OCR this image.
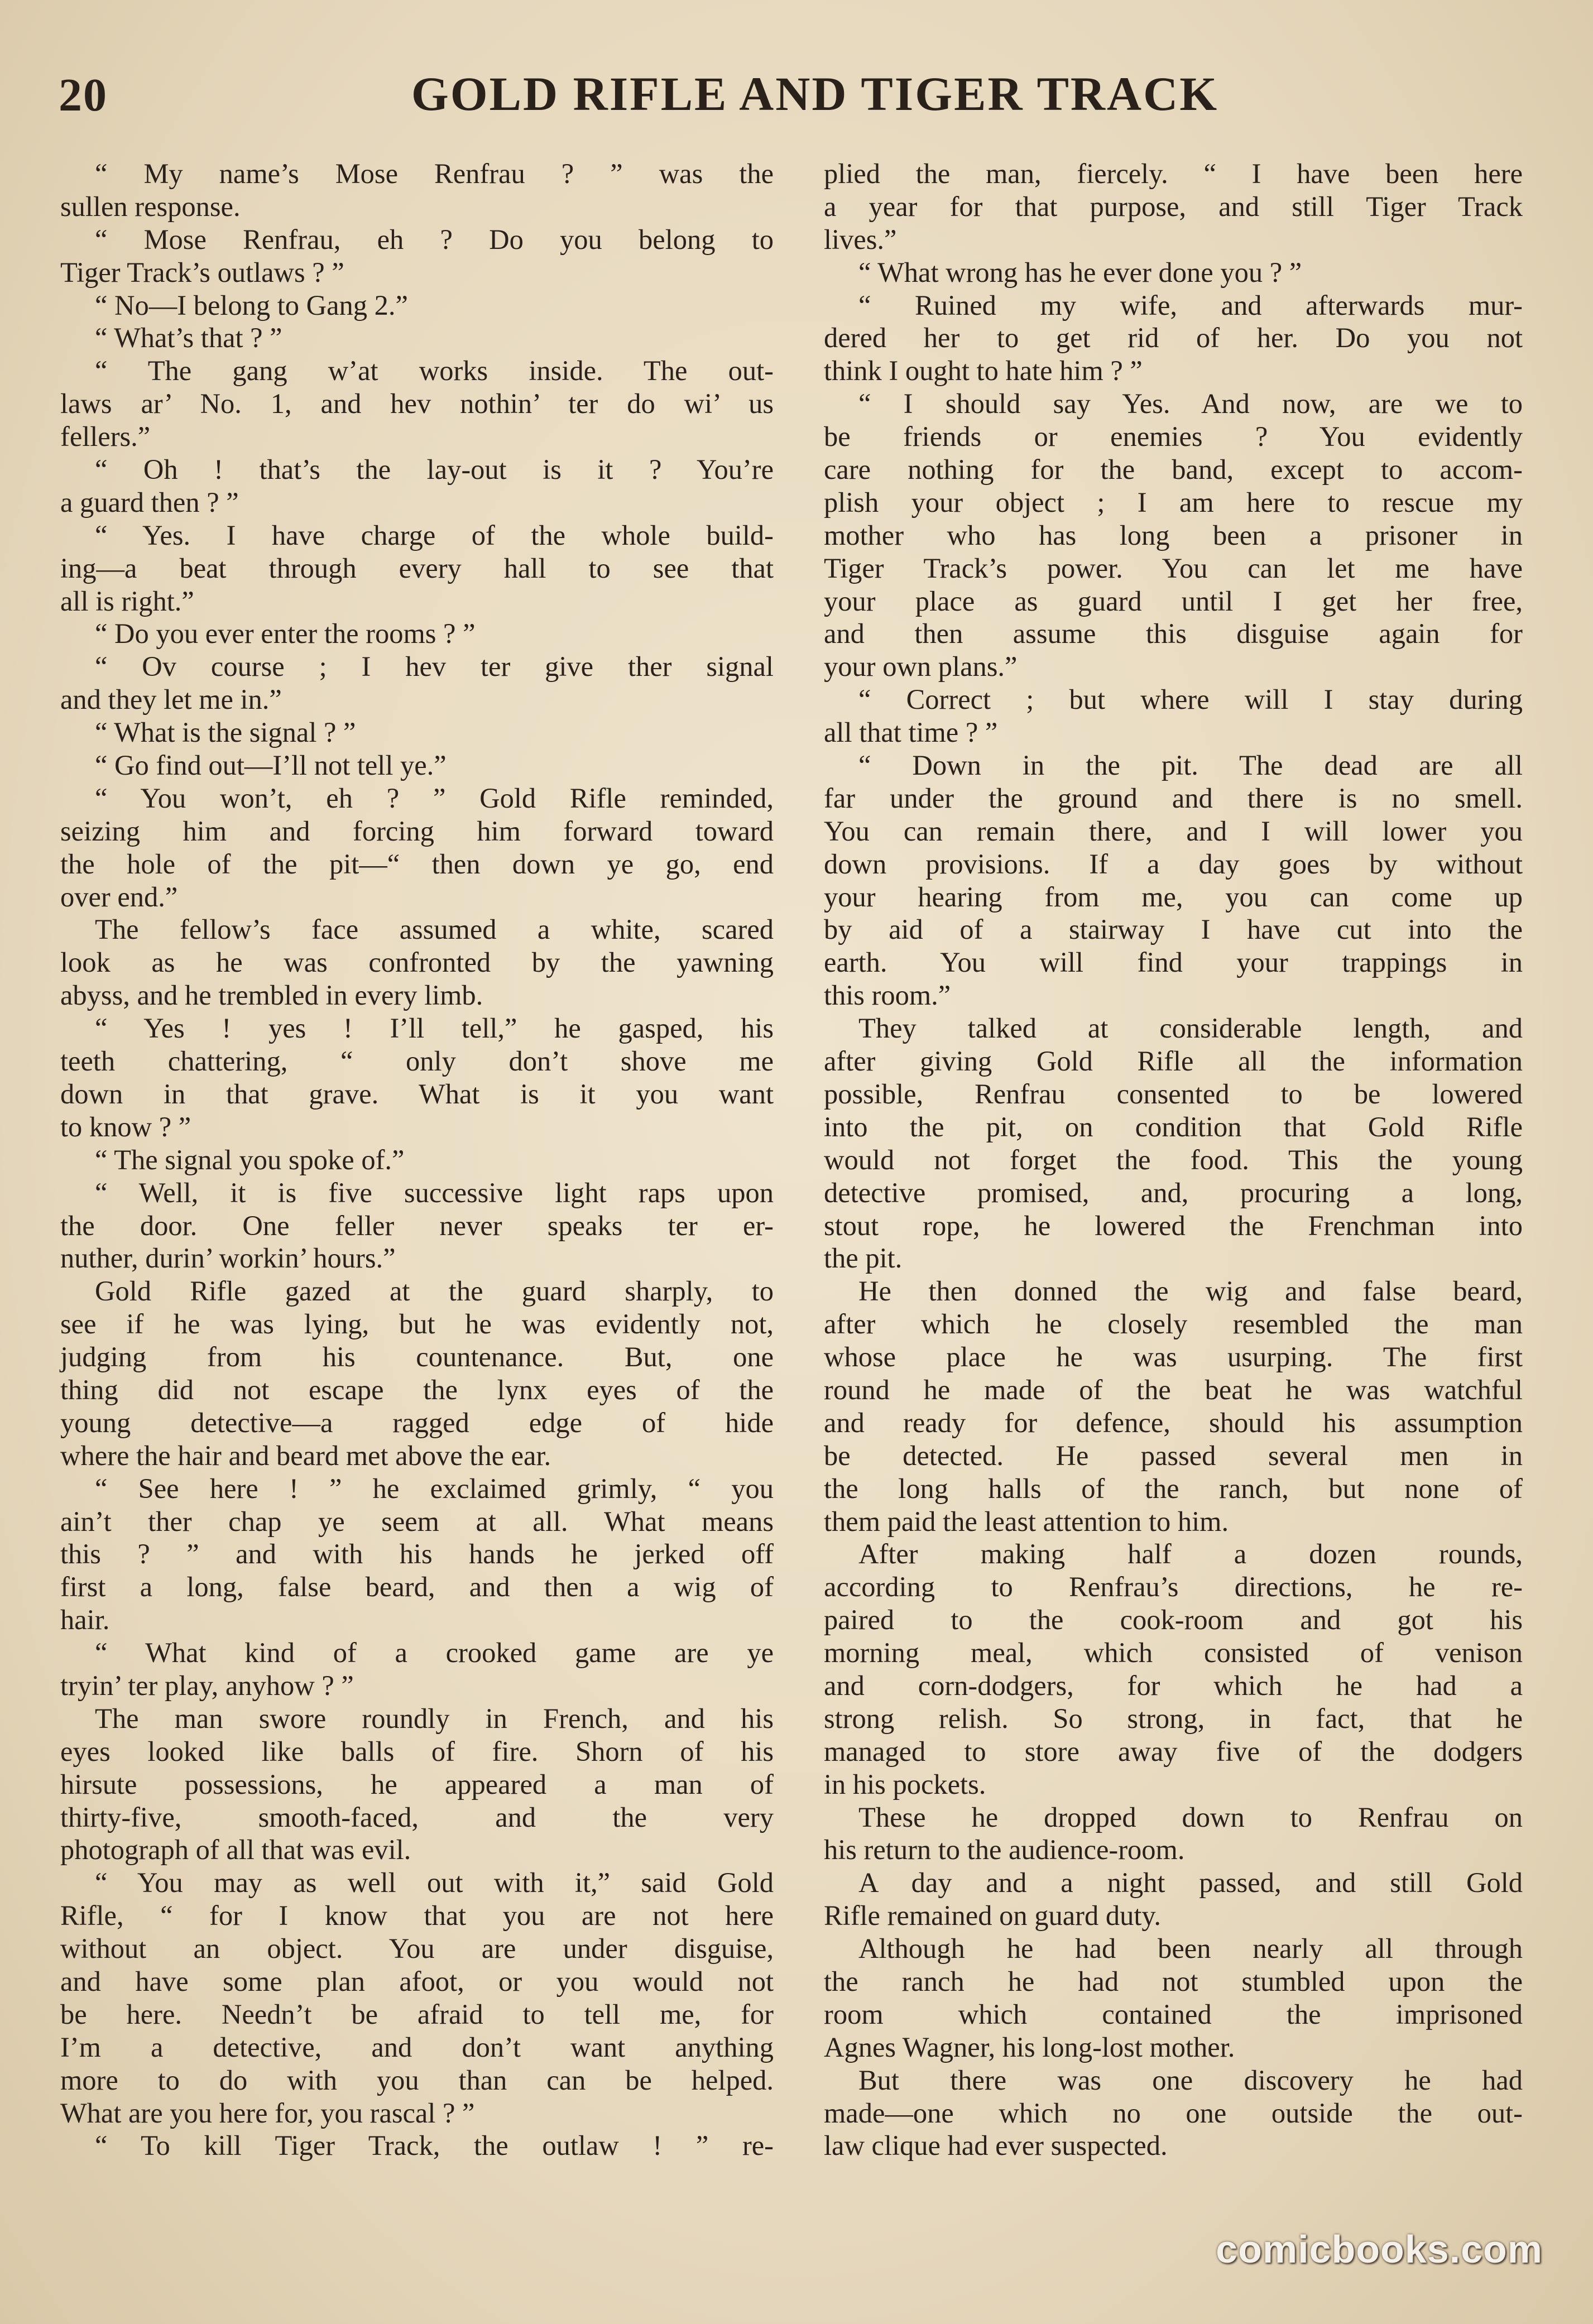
20	GOLD RIFLE AND TIGER TRACK
“ My name’s Mose Renfrau ? ” was the
sullen response.
“ Mose Renfrau, eh ? Do you belong to
Tiger Track’s outlaws ? ”
“ No—I belong to Gang 2.”
“ What’s that ? ”
“ The gang w’at works inside. The out-
laws ar’ No. 1, and hev nothin’ ter do wi’ us
fellers.”
“ Oh ! that’s the lay-out is it ? You’re
a guard then ? ”
“ Yes. I have charge of the whole build-
ing—a beat through every hall to see that
all is right.”
“ Do you ever enter the rooms ? ”
“ Ov course ; I hev ter give ther signal
and they let me in.”
“ What is the signal ? ”
“ Go find out—I’ll not tell ye.”
“ You won’t, eh ? ” Gold Rifle reminded,
seizing him and forcing him forward toward
the hole of the pit—“ then down ye go, end
over end.”
The fellow’s face assumed a white, scared
look as he was confronted by the yawning
abyss, and he trembled in every limb.
“ Yes ! yes ! I’ll tell,” he gasped, his
teeth chattering, “ only don’t shove me
down in that grave. What is it you want
to know ? ”
“ The signal you spoke of.”
“ Well, it is five successive light raps upon
the door. One feller never speaks ter er-
nuther, durin’ workin’ hours.”
Gold Rifle gazed at the guard sharply, to
see if he was lying, but he was evidently not,
judging from his countenance. But, one
thing did not escape the lynx eyes of the
young detective—a ragged edge of hide
where the hair and beard met above the ear.
“ See here ! ” he exclaimed grimly, “ you
ain’t ther chap ye seem at all. What means
this ? ” and with his hands he jerked off
first a long, false beard, and then a wig of
hair.
“ What kind of a crooked game are ye
tryin’ ter play, anyhow ? ”
The man swore roundly in French, and his
eyes looked like balls of fire. Shorn of his
hirsute possessions, he appeared a man of
thirty-five, smooth-faced, and the very
photograph of all that was evil.
“ You may as well out with it,” said Gold
Rifle, “ for I know that you are not here
without an object. You are under disguise,
and have some plan afoot, or you would not
be here. Needn’t be afraid to tell me, for
I’m a detective, and don’t want anything
more to do with you than can be helped.
What are you here for, you rascal ? ”
“ To kill Tiger Track, the outlaw ! ” re-
plied the man, fiercely. “ I have been here
a year for that purpose, and still Tiger Track
lives.”
“ What wrong has he ever done you ? ”
“ Ruined my wife, and afterwards mur-
dered her to get rid of her. Do you not
think I ought to hate him ? ”
“ I should say Yes. And now, are we to
be friends or enemies ? You evidently
care nothing for the band, except to accom-
plish your object ; I am here to rescue my
mother who has long been a prisoner in
Tiger Track’s power. You can let me have
your place as guard until I get her free,
and then assume this disguise again for
your own plans.”
“ Correct ; but where will I stay during
all that time ? ”
“ Down in the pit. The dead are all
far under the ground and there is no smell.
You can remain there, and I will lower you
down provisions. If a day goes by without
your hearing from me, you can come up
by aid of a stairway I have cut into the
earth. You will find your trappings in
this room.”
They talked at considerable length, and
after giving Gold Rifle all the information
possible, Renfrau consented to be lowered
into the pit, on condition that Gold Rifle
would not forget the food. This the young
detective promised, and, procuring a long,
stout rope, he lowered the Frenchman into
the pit.
He then donned the wig and false beard,
after which he closely resembled the man
whose place he was usurping. The first
round he made of the beat he was watchful
and ready for defence, should his assumption
be detected. He passed several men in
the long halls of the ranch, but none of
them paid the least attention to him.
After making half a dozen rounds,
according to Renfrau’s directions, he re-
paired to the cook-room and got his
morning meal, which consisted of venison
and corn-dodgers, for which he had a
strong relish. So strong, in fact, that he
managed to store away five of the dodgers
in his pockets.
These he dropped down to Renfrau on
his return to the audience-room.
A day and a night passed, and still Gold
Rifle remained on guard duty.
Although he had been nearly all through
the ranch he had not stumbled upon the
room which contained the imprisoned
Agnes Wagner, his long-lost mother.
But there was one discovery he had
made—one which no one outside the out-
law clique had ever suspected.
comicbooks.com
